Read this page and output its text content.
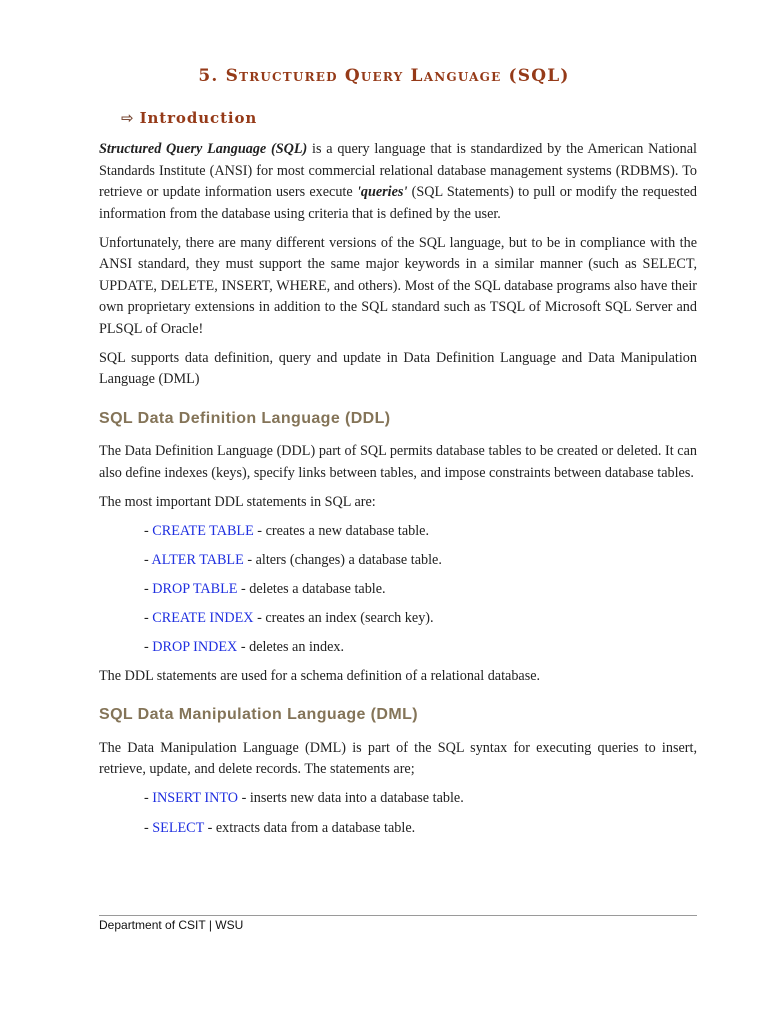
5. Structured Query Language (SQL)
⇨ Introduction

Structured Query Language (SQL) is a query language that is standardized by the American National Standards Institute (ANSI) for most commercial relational database management systems (RDBMS). To retrieve or update information users execute 'queries' (SQL Statements) to pull or modify the requested information from the database using criteria that is defined by the user.

Unfortunately, there are many different versions of the SQL language, but to be in compliance with the ANSI standard, they must support the same major keywords in a similar manner (such as SELECT, UPDATE, DELETE, INSERT, WHERE, and others). Most of the SQL database programs also have their own proprietary extensions in addition to the SQL standard such as TSQL of Microsoft SQL Server and PLSQL of Oracle!

SQL supports data definition, query and update in Data Definition Language and Data Manipulation Language (DML)

SQL Data Definition Language (DDL)

The Data Definition Language (DDL) part of SQL permits database tables to be created or deleted. It can also define indexes (keys), specify links between tables, and impose constraints between database tables.

The most important DDL statements in SQL are:

- CREATE TABLE - creates a new database table.
- ALTER TABLE - alters (changes) a database table.
- DROP TABLE - deletes a database table.
- CREATE INDEX - creates an index (search key).
- DROP INDEX - deletes an index.

The DDL statements are used for a schema definition of a relational database.

SQL Data Manipulation Language (DML)

The Data Manipulation Language (DML) is part of the SQL syntax for executing queries to insert, retrieve, update, and delete records. The statements are;

- INSERT INTO - inserts new data into a database table.
- SELECT - extracts data from a database table.
Department of CSIT | WSU
